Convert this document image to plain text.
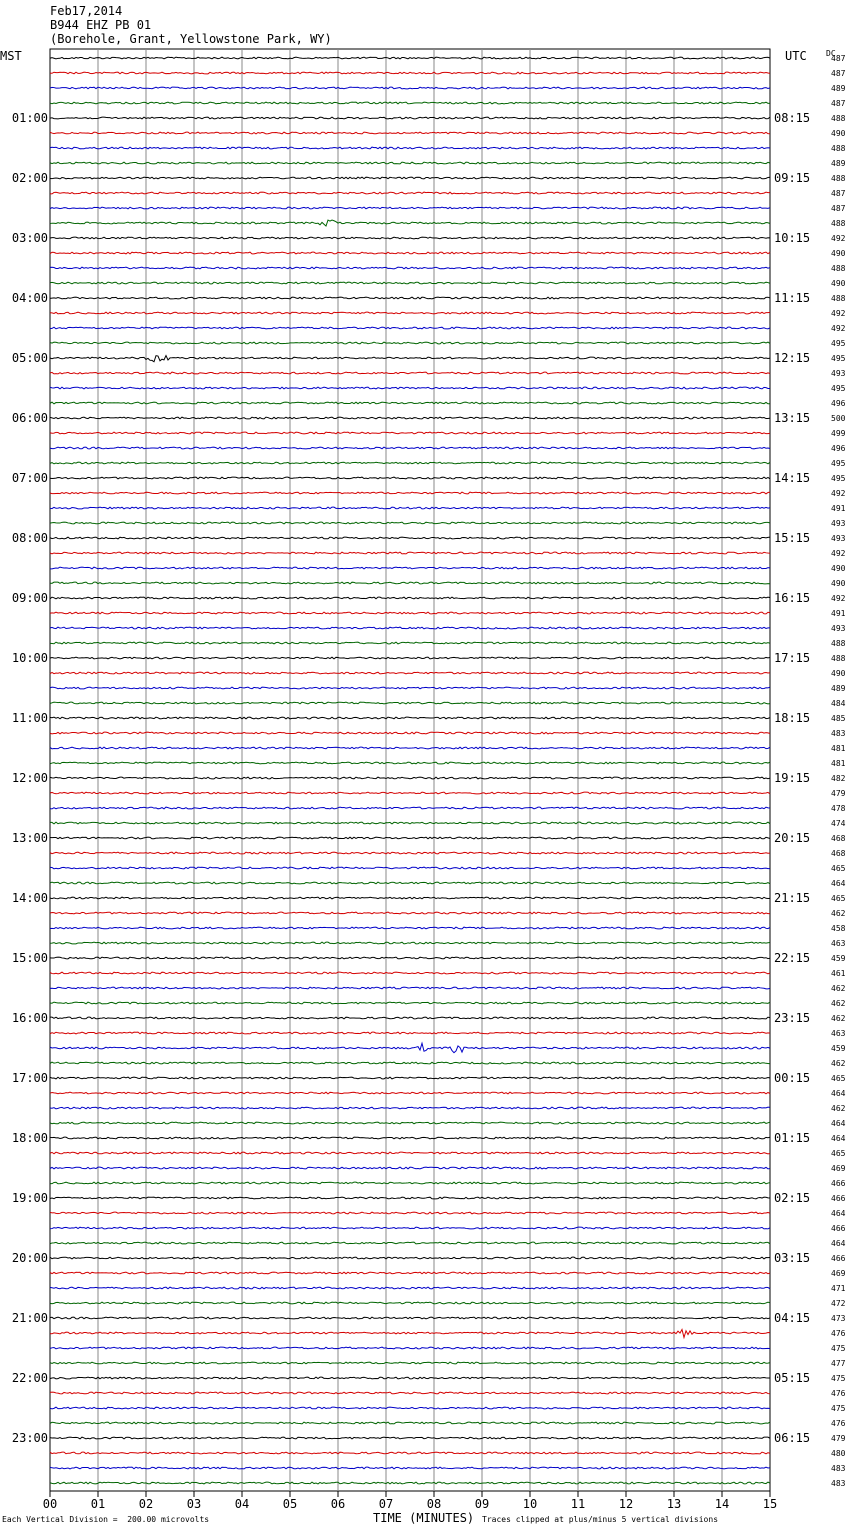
Feb17,2014
B944 EHZ PB 01
(Borehole, Grant, Yellowstone Park, WY)
MST	UTC DC
487
487
489
487
488
01:00	08:15
490
488
489
488
02:00	09:15
487
487
488
492
03:00	10:15
490
488
490
488
04:00	11:15
492
492
495
495
05:00	12:15
493
495
496
500
06:00	13:15
499
496
495
495
07:00	14:15
492
491
493
493
08:00	15:15
492
490
490
492
09:00	16:15
491
493
488
488
10:00	17:15
490
489
484
485
11:00	18:15
483
481
481
482
12:00	19:15
479
478
474
468
13:00	20:15
468
465
464
465
14:00	21:15
462
458
463
459
15:00	22:15
461
462
462
462
16:00	23:15
463
459
462
465
17:00	00:15
464
462
464
464
18:00	01:15
465
469
466
466
19:00	02:15
464
466
464
466
20:00	03:15
469
471
472
473
21:00	04:15
476
475
477
475
22:00	05:15
476
475
476
479
23:00	06:15
480
483
483
00	01	02	03	04	05	06	07	08	09	10	11	12	13	14	15
Each Vertical Division =  200.00 microvolts	TIME (MINUTES) Traces clipped at plus/minus 5 vertical divisions
